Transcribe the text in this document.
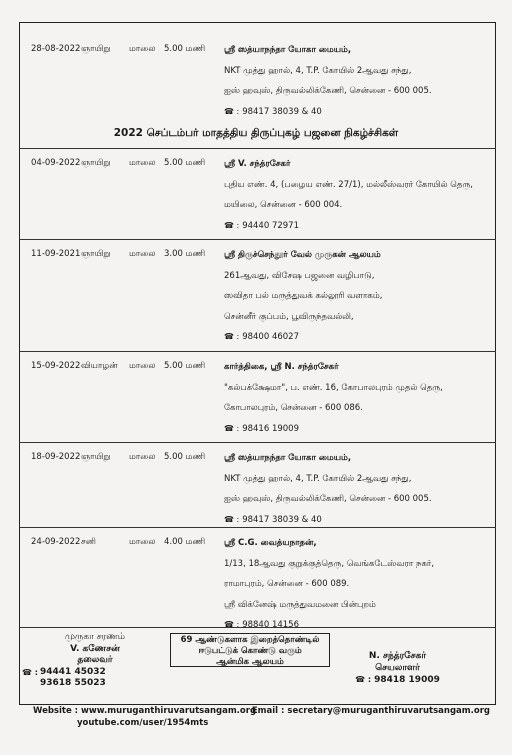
28-08-2022 ஞாயிறு மாலை 5.00 மணி ஸ்ரீ ஸத்யாநந்தா யோகா மையம்,
NKT முத்து ஹால், 4, T.P. கோயில் 2ஆவது சந்து,
ஐஸ் ஹவுஸ், திருவல்லிக்கேணி, சென்னை - 600 005.
☎ : 98417 38039 & 40
2022 செப்டம்பர் மாதத்திய திருப்புகழ் பஜனை நிகழ்ச்சிகள்
04-09-2022 ஞாயிறு மாலை 5.00 மணி ஸ்ரீ V. சந்த்ரசேகர்
புதிய எண். 4, (பழைய எண். 27/1), மல்லீஸ்வரர் கோயில் தெரு,
மயிலை, சென்னை - 600 004.
☎ : 94440 72971
11-09-2021 ஞாயிறு மாலை 3.00 மணி ஸ்ரீ திருச்செந்தூர் வேல் முருகன் ஆலயம்
261ஆவது, விசேஷ பஜனை வழிபாடு,
ஸவிதா பல் மருத்துவக் கல்லூரி வளாகம்,
சென்னீர் குப்பம், பூவிருந்தவல்லி,
☎ : 98400 46027
15-09-2022 வியாழன் மாலை 5.00 மணி கார்த்திகை, ஸ்ரீ N. சந்த்ரசேகர்
"கல்பக்க்ஷேமா", ப. எண். 16, கோபாலபுரம் முதல் தெரு,
கோபாலபுரம், சென்னை - 600 086.
☎ : 98416 19009
18-09-2022 ஞாயிறு மாலை 5.00 மணி ஸ்ரீ ஸத்யாநந்தா யோகா மையம்,
NKT முத்து ஹால், 4, T.P. கோயில் 2ஆவது சந்து,
ஐஸ் ஹவுஸ், திருவல்லிக்கேணி, சென்னை - 600 005.
☎ : 98417 38039 & 40
24-09-2022 சனி	மாலை 4.00 மணி ஸ்ரீ C.G. வைத்யநாதன்,
1/13, 18ஆவது குறுக்குத்தெரு, வெங்கடேஸ்வரா நகர்,
ராமாபுரம், சென்னை - 600 089.
ஸ்ரீ விக்னேஷ் மருத்துவமனை பின்புறம்
☎ : 98840 14156
முருகா சரணம்
V. கணேசன்
தலைவர்
☎ : 94441 45032
93618 55023
69 ஆண்டுகளாக இறைத்தொண்டில்
ஈடுபட்டுக் கொண்டு வரும்
ஆன்மிக ஆலயம்
N. சந்த்ரசேகர்
செயலாளர்
☎ : 98418 19009
Website : www.muruganthiruvarutsangam.org
youtube.com/user/1954mts
Email : secretary@muruganthiruvarutsangam.org
